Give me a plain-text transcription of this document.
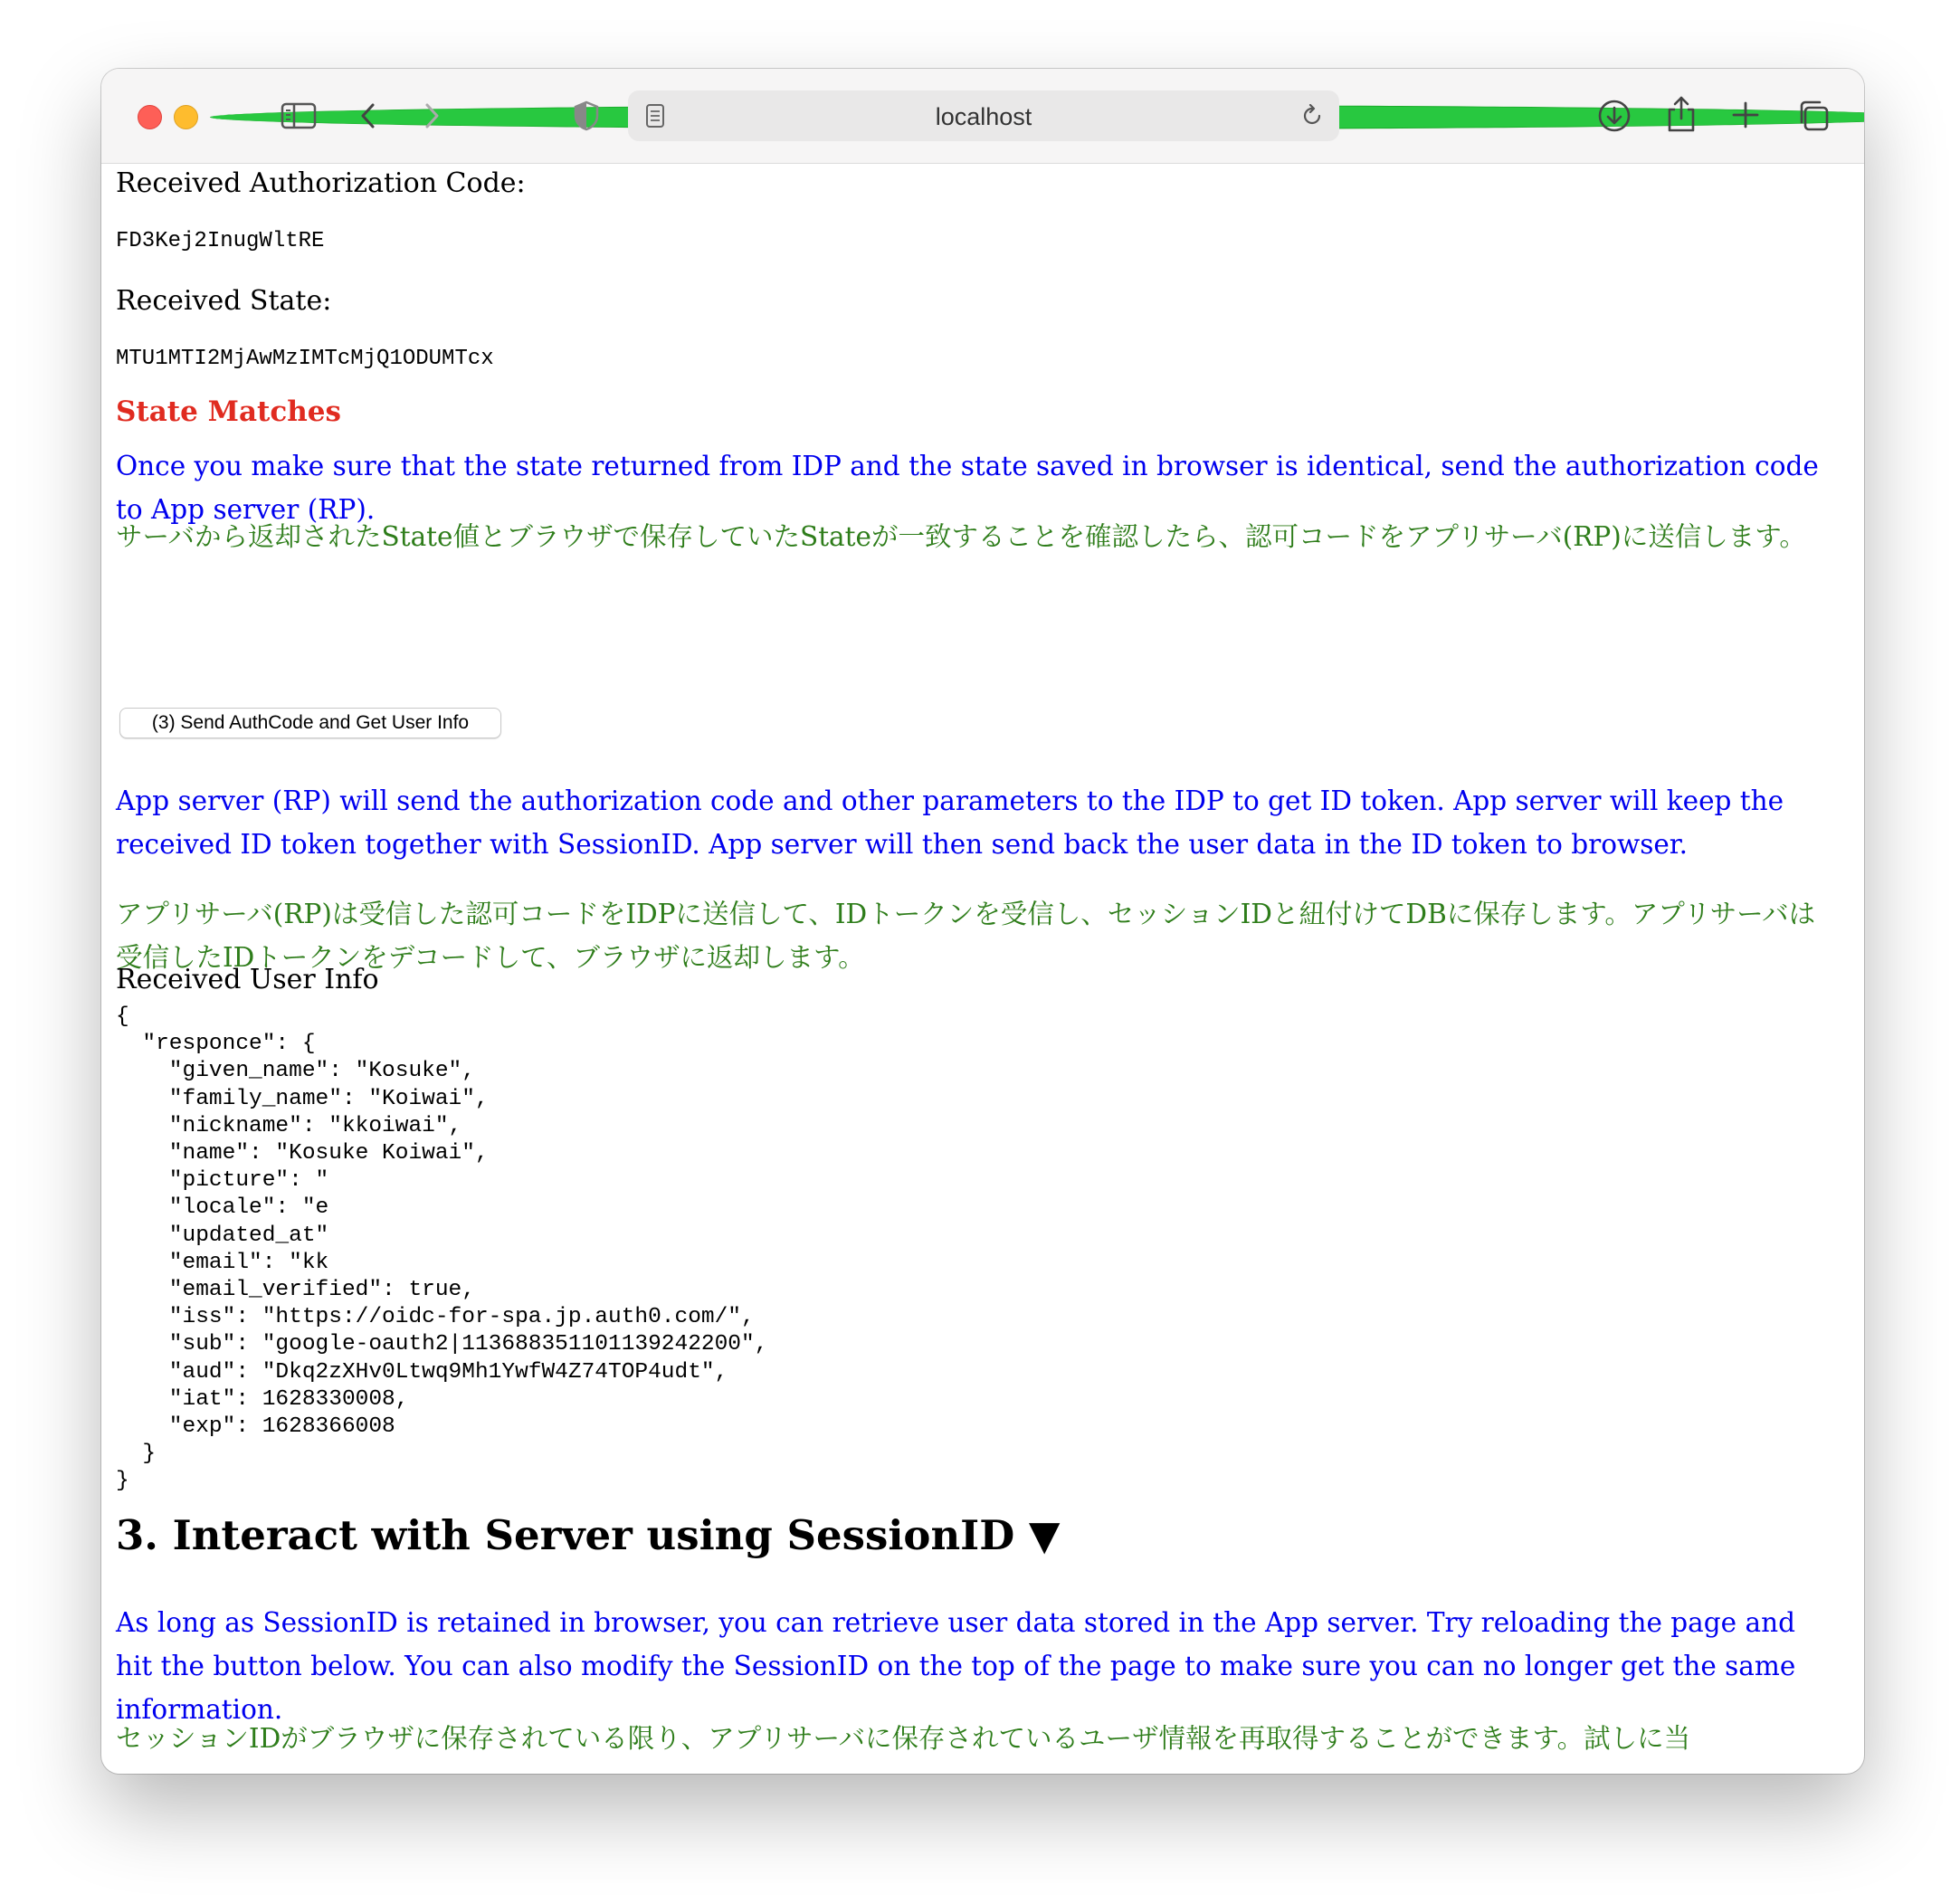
localhost

Received Authorization Code:

FD3Kej2InugWltRE

Received State:

MTU1MTI2MjAwMzIMTcMjQ1ODUMTcx

State Matches

Once you make sure that the state returned from IDP and the state saved in browser is identical, send the authorization code to App server (RP).

サーバから返却されたState値とブラウザで保存していたStateが一致することを確認したら、認可コードをアプリサーバ(RP)に送信します。

(3) Send AuthCode and Get User Info

App server (RP) will send the authorization code and other parameters to the IDP to get ID token. App server will keep the received ID token together with SessionID. App server will then send back the user data in the ID token to browser.

アプリサーバ(RP)は受信した認可コードをIDPに送信して、IDトークンを受信し、セッションIDと紐付けてDBに保存します。アプリサーバは受信したIDトークンをデコードして、ブラウザに返却します。

Received User Info

{
"responce": {
"given_name": "Kosuke",
"family_name": "Koiwai",
"nickname": "kkoiwai",
"name": "Kosuke Koiwai",
"picture": "
"locale": "e
"updated_at"
"email": "kk
"email_verified": true,
"iss": "https://oidc-for-spa.jp.auth0.com/",
"sub": "google-oauth2|113688351101139242200",
"aud": "Dkq2zXHv0Ltwq9Mh1YwfW4Z74TOP4udt",
"iat": 1628330008,
"exp": 1628366008
}
}

3. Interact with Server using SessionID ▼

As long as SessionID is retained in browser, you can retrieve user data stored in the App server. Try reloading the page and hit the button below. You can also modify the SessionID on the top of the page to make sure you can no longer get the same information.

セッションIDがブラウザに保存されている限り、アプリサーバに保存されているユーザ情報を再取得することができます。試しに当
